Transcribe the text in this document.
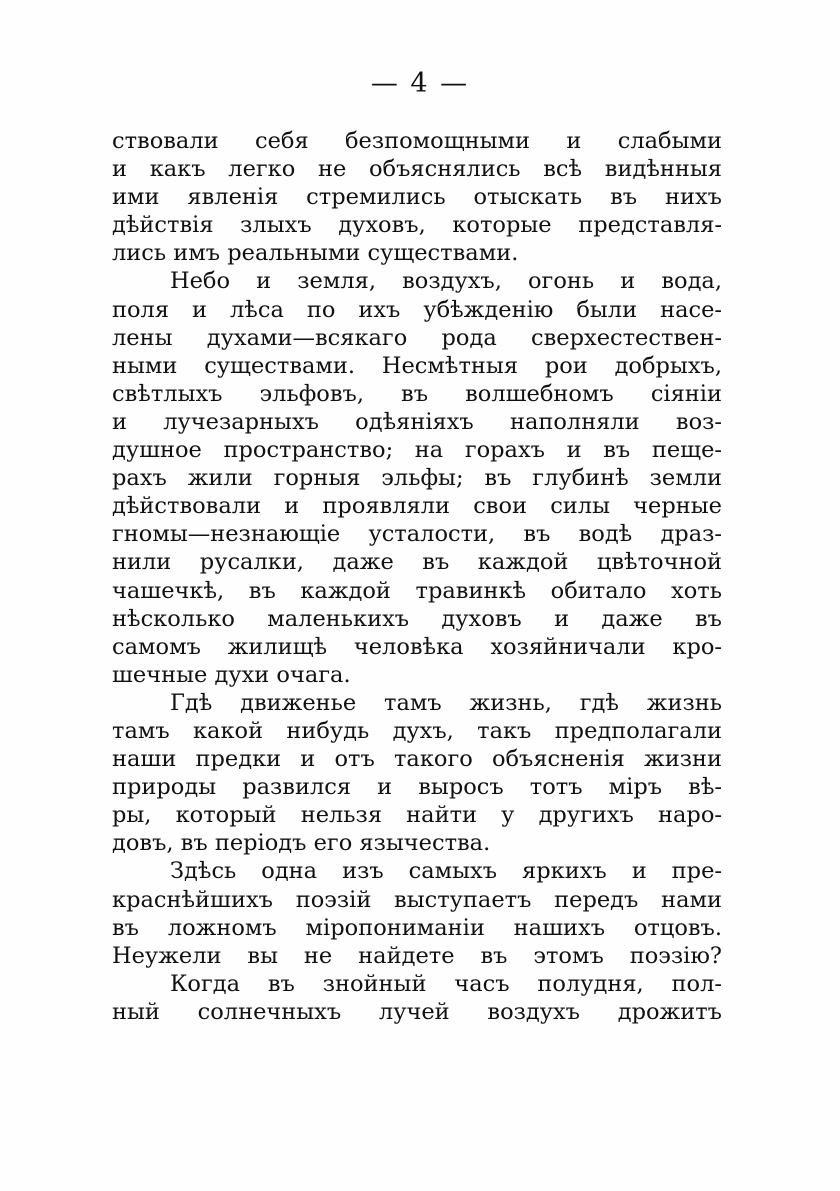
— 4 —
ствовали себя безпомощными и слабыми
и какъ легко не объяснялись всѣ видѣнныя
ими явленія стремились отыскать въ нихъ
дѣйствія злыхъ духовъ, которые представля-
лись имъ реальными существами.
Небо и земля, воздухъ, огонь и вода,
поля и лѣса по ихъ убѣжденію были насе-
лены духами—всякаго рода сверхестествен-
ными существами. Несмѣтныя рои добрыхъ,
свѣтлыхъ эльфовъ, въ волшебномъ сіяніи
и лучезарныхъ одѣяніяхъ наполняли воз-
душное пространство; на горахъ и въ пеще-
рахъ жили горныя эльфы; въ глубинѣ земли
дѣйствовали и проявляли свои силы черные
гномы—незнающіе усталости, въ водѣ драз-
нили русалки, даже въ каждой цвѣточной
чашечкѣ, въ каждой травинкѣ обитало хоть
нѣсколько маленькихъ духовъ и даже въ
самомъ жилищѣ человѣка хозяйничали кро-
шечные духи очага.
Гдѣ движенье тамъ жизнь, гдѣ жизнь
тамъ какой нибудь духъ, такъ предполагали
наши предки и отъ такого объясненія жизни
природы развился и выросъ тотъ міръ вѣ-
ры, который нельзя найти у другихъ наро-
довъ, въ періодъ его язычества.
Здѣсь одна изъ самыхъ яркихъ и пре-
краснѣйшихъ поэзій выступаетъ передъ нами
въ ложномъ міропониманіи нашихъ отцовъ.
Неужели вы не найдете въ этомъ поэзію?
Когда въ знойный часъ полудня, пол-
ный солнечныхъ лучей воздухъ дрожитъ
